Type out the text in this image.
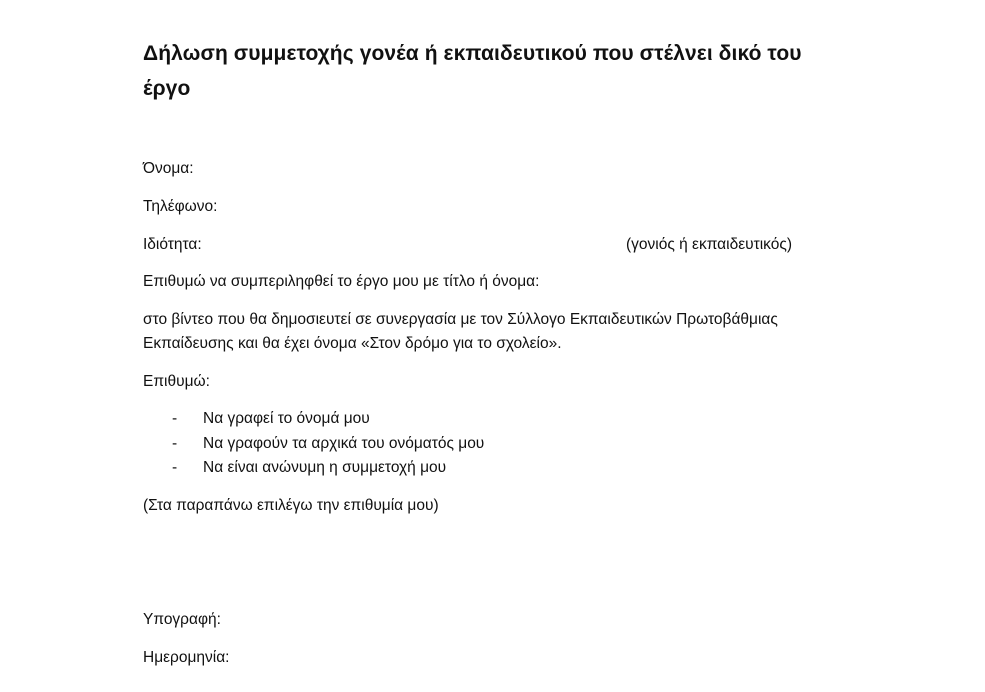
Δήλωση συμμετοχής γονέα ή εκπαιδευτικού που στέλνει δικό του έργο

Όνομα:

Τηλέφωνο:

Ιδιότητα:	(γονιός ή εκπαιδευτικός)

Επιθυμώ να συμπεριληφθεί το έργο μου με τίτλο ή όνομα:

στο βίντεο που θα δημοσιευτεί σε συνεργασία με τον Σύλλογο Εκπαιδευτικών Πρωτοβάθμιας Εκπαίδευσης και θα έχει όνομα «Στον δρόμο για το σχολείο».

Επιθυμώ:

- Να γραφεί το όνομά μου
- Να γραφούν τα αρχικά του ονόματός μου
- Να είναι ανώνυμη η συμμετοχή μου

(Στα παραπάνω επιλέγω την επιθυμία μου)

Υπογραφή:

Ημερομηνία:
